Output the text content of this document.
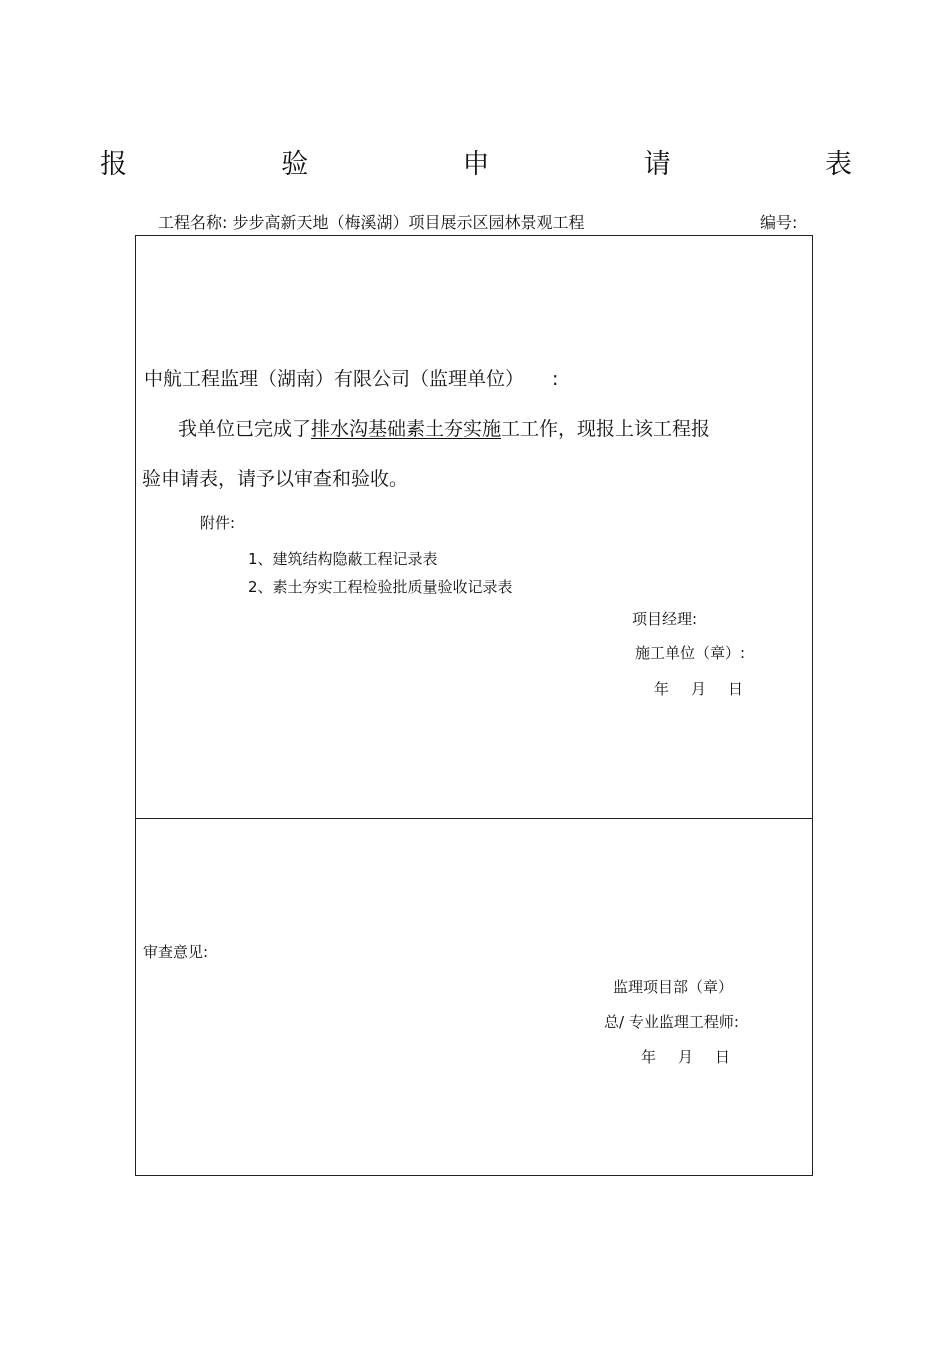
报	验	申	请	表
工程名称: 步步高新天地（梅溪湖）项目展示区园林景观工程	编号:
中航工程监理（湖南）有限公司（监理单位） :
我单位已完成了排水沟基础素土夯实施工工作，现报上该工程报
验申请表，请予以审查和验收。
附件:
1、建筑结构隐蔽工程记录表
2、素土夯实工程检验批质量验收记录表
项目经理:
施工单位（章）:
年 月 日
审查意见:
监理项目部（章）
总/ 专业监理工程师:
年 月 日
